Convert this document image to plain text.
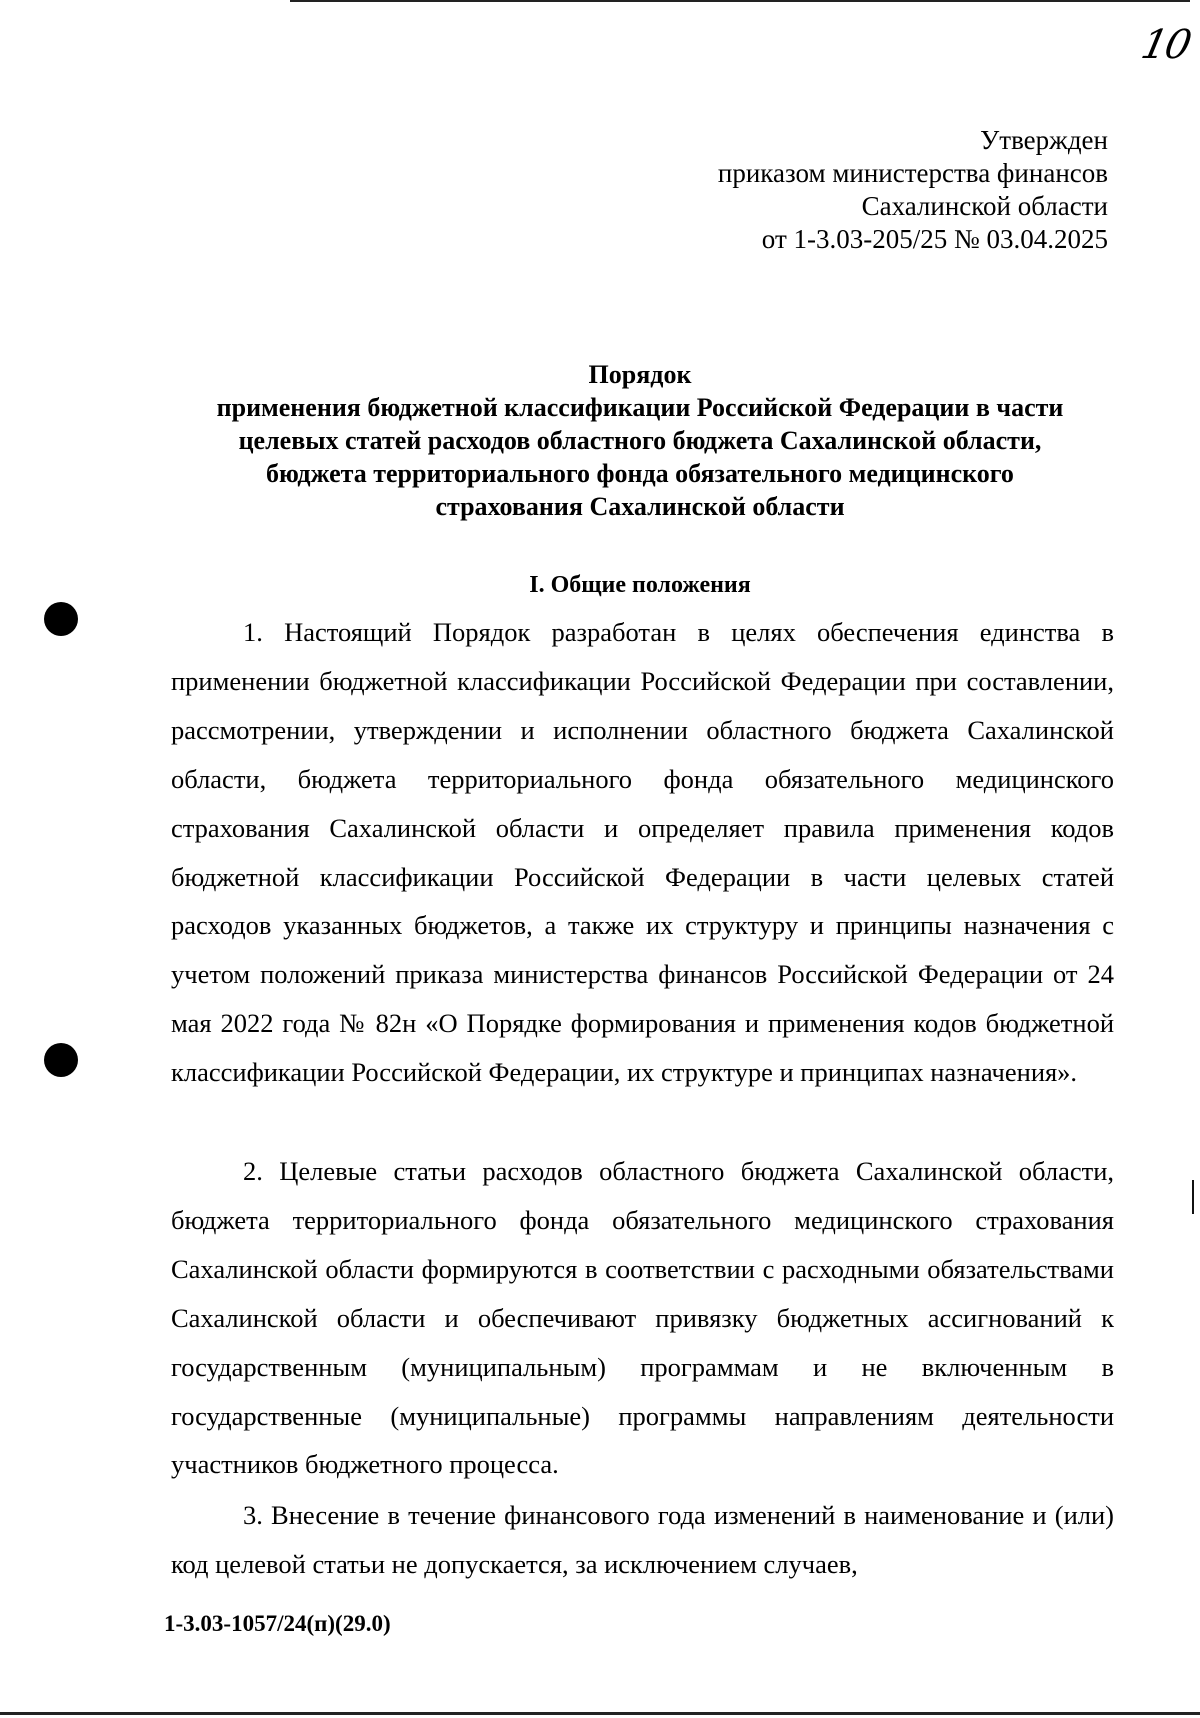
10
Утвержден
приказом министерства финансов
Сахалинской области
от 1-3.03-205/25 № 03.04.2025
Порядок
применения бюджетной классификации Российской Федерации в части
целевых статей расходов областного бюджета Сахалинской области,
бюджета территориального фонда обязательного медицинского
страхования Сахалинской области
I. Общие положения

1. Настоящий Порядок разработан в целях обеспечения единства в применении бюджетной классификации Российской Федерации при составлении, рассмотрении, утверждении и исполнении областного бюджета Сахалинской области, бюджета территориального фонда обязательного медицинского страхования Сахалинской области и определяет правила применения кодов бюджетной классификации Российской Федерации в части целевых статей расходов указанных бюджетов, а также их структуру и принципы назначения с учетом положений приказа министерства финансов Российской Федерации от 24 мая 2022 года № 82н «О Порядке формирования и применения кодов бюджетной классификации Российской Федерации, их структуре и принципах назначения».

2. Целевые статьи расходов областного бюджета Сахалинской области, бюджета территориального фонда обязательного медицинского страхования Сахалинской области формируются в соответствии с расходными обязательствами Сахалинской области и обеспечивают привязку бюджетных ассигнований к государственным (муниципальным) программам и не включенным в государственные (муниципальные) программы направлениям деятельности участников бюджетного процесса.

3. Внесение в течение финансового года изменений в наименование и (или) код целевой статьи не допускается, за исключением случаев,

1-3.03-1057/24(п)(29.0)
